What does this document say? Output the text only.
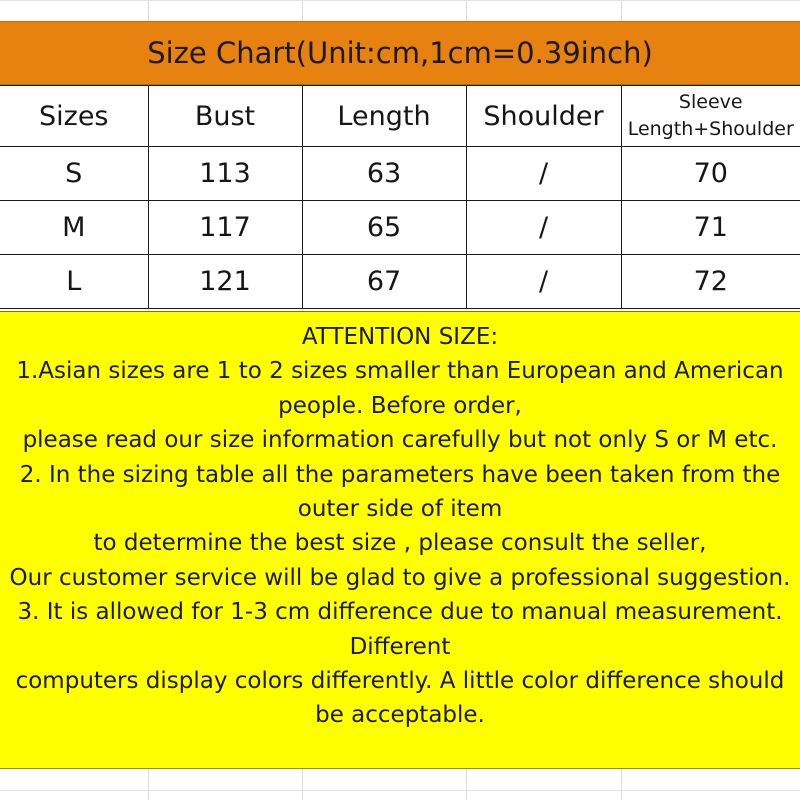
Size Chart(Unit:cm,1cm=0.39inch)
Sizes	Bust	Length	Shoulder	Sleeve
Length+Shoulder

S	113	63	/	70
M	117	65	/	71
L	121	67	/	72
ATTENTION SIZE:
1.Asian sizes are 1 to 2 sizes smaller than European and American
people. Before order,
please read our size information carefully but not only S or M etc.
2. In the sizing table all the parameters have been taken from the
outer side of item
to determine the best size , please consult the seller,
Our customer service will be glad to give a professional suggestion.
3. It is allowed for 1-3 cm difference due to manual measurement.
Different
computers display colors differently. A little color difference should
be acceptable.
